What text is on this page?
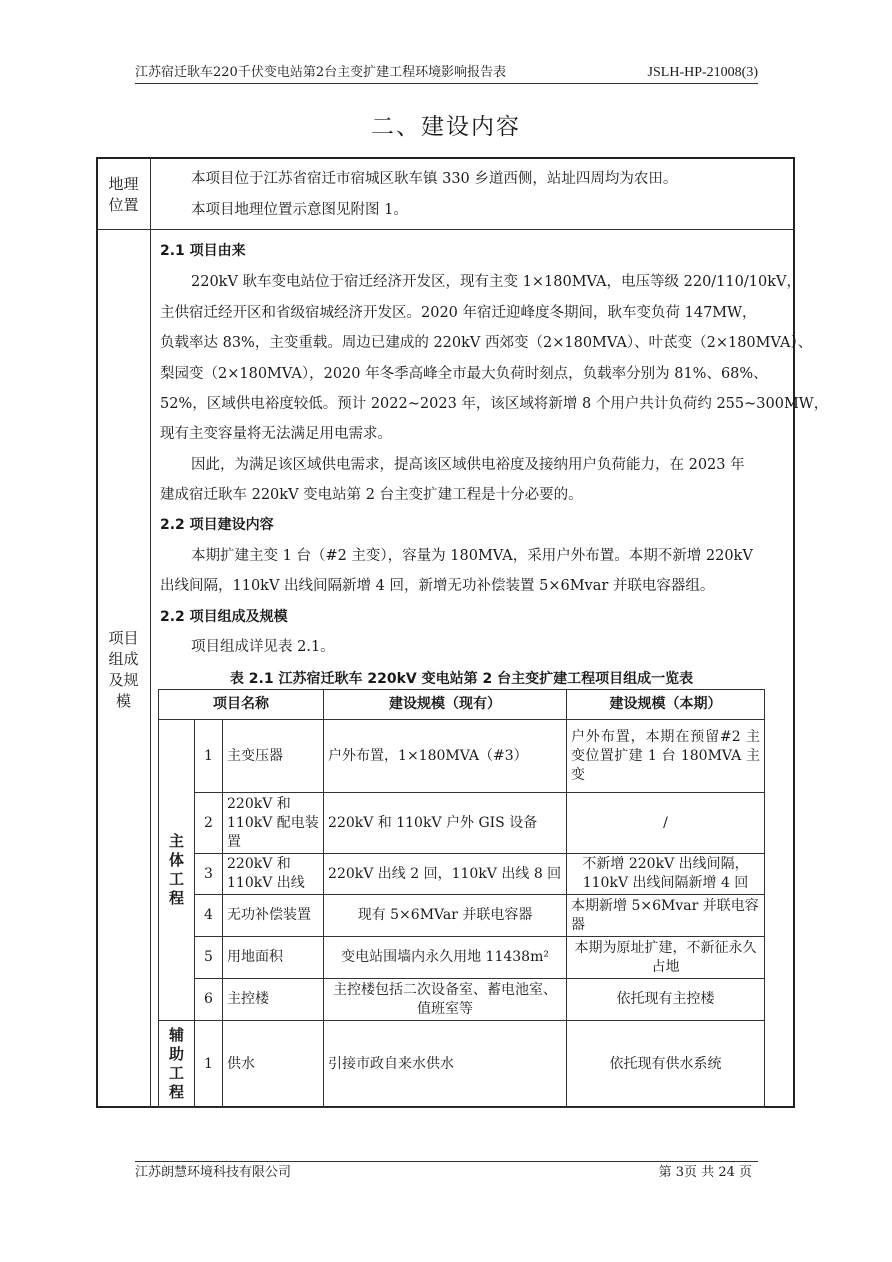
江苏宿迁耿车220千伏变电站第2台主变扩建工程环境影响报告表	JSLH-HP-21008(3)
二、建设内容
地理
位置
本项目位于江苏省宿迁市宿城区耿车镇 330 乡道西侧，站址四周均为农田。
本项目地理位置示意图见附图 1。
项目
组成
及规
模
2.1 项目由来
220kV 耿车变电站位于宿迁经济开发区，现有主变 1×180MVA，电压等级 220/110/10kV，
主供宿迁经开区和省级宿城经济开发区。2020 年宿迁迎峰度冬期间，耿车变负荷 147MW，
负载率达 83%，主变重载。周边已建成的 220kV 西郊变（2×180MVA）、叶茋变（2×180MVA）、
梨园变（2×180MVA），2020 年冬季高峰全市最大负荷时刻点，负载率分别为 81%、68%、
52%，区域供电裕度较低。预计 2022~2023 年，该区域将新增 8 个用户共计负荷约 255~300MW，
现有主变容量将无法满足用电需求。
因此，为满足该区域供电需求，提高该区域供电裕度及接纳用户负荷能力，在 2023 年
建成宿迁耿车 220kV 变电站第 2 台主变扩建工程是十分必要的。
2.2 项目建设内容
本期扩建主变 1 台（#2 主变），容量为 180MVA，采用户外布置。本期不新增 220kV
出线间隔，110kV 出线间隔新增 4 回，新增无功补偿装置 5×6Mvar 并联电容器组。
2.2 项目组成及规模
项目组成详见表 2.1。
表 2.1 江苏宿迁耿车 220kV 变电站第 2 台主变扩建工程项目组成一览表
项目名称			建设规模（现有）	建设规模（本期）
主体工程	1	主变压器	户外布置，1×180MVA（#3）	户外布置，本期在预留#2 主变位置扩建 1 台 180MVA 主变
	2	220kV 和 110kV 配电装置	220kV 和 110kV 户外 GIS 设备	/
	3	220kV 和 110kV 出线	220kV 出线 2 回，110kV 出线 8 回	不新增 220kV 出线间隔，110kV 出线间隔新增 4 回
	4	无功补偿装置	现有 5×6MVar 并联电容器	本期新增 5×6Mvar 并联电容器
	5	用地面积	变电站围墙内永久用地 11438m²	本期为原址扩建，不新征永久占地
	6	主控楼	主控楼包括二次设备室、蓄电池室、值班室等	依托现有主控楼
辅助工程	1	供水	引接市政自来水供水	依托现有供水系统
江苏朗慧环境科技有限公司	第 3页 共 24 页
